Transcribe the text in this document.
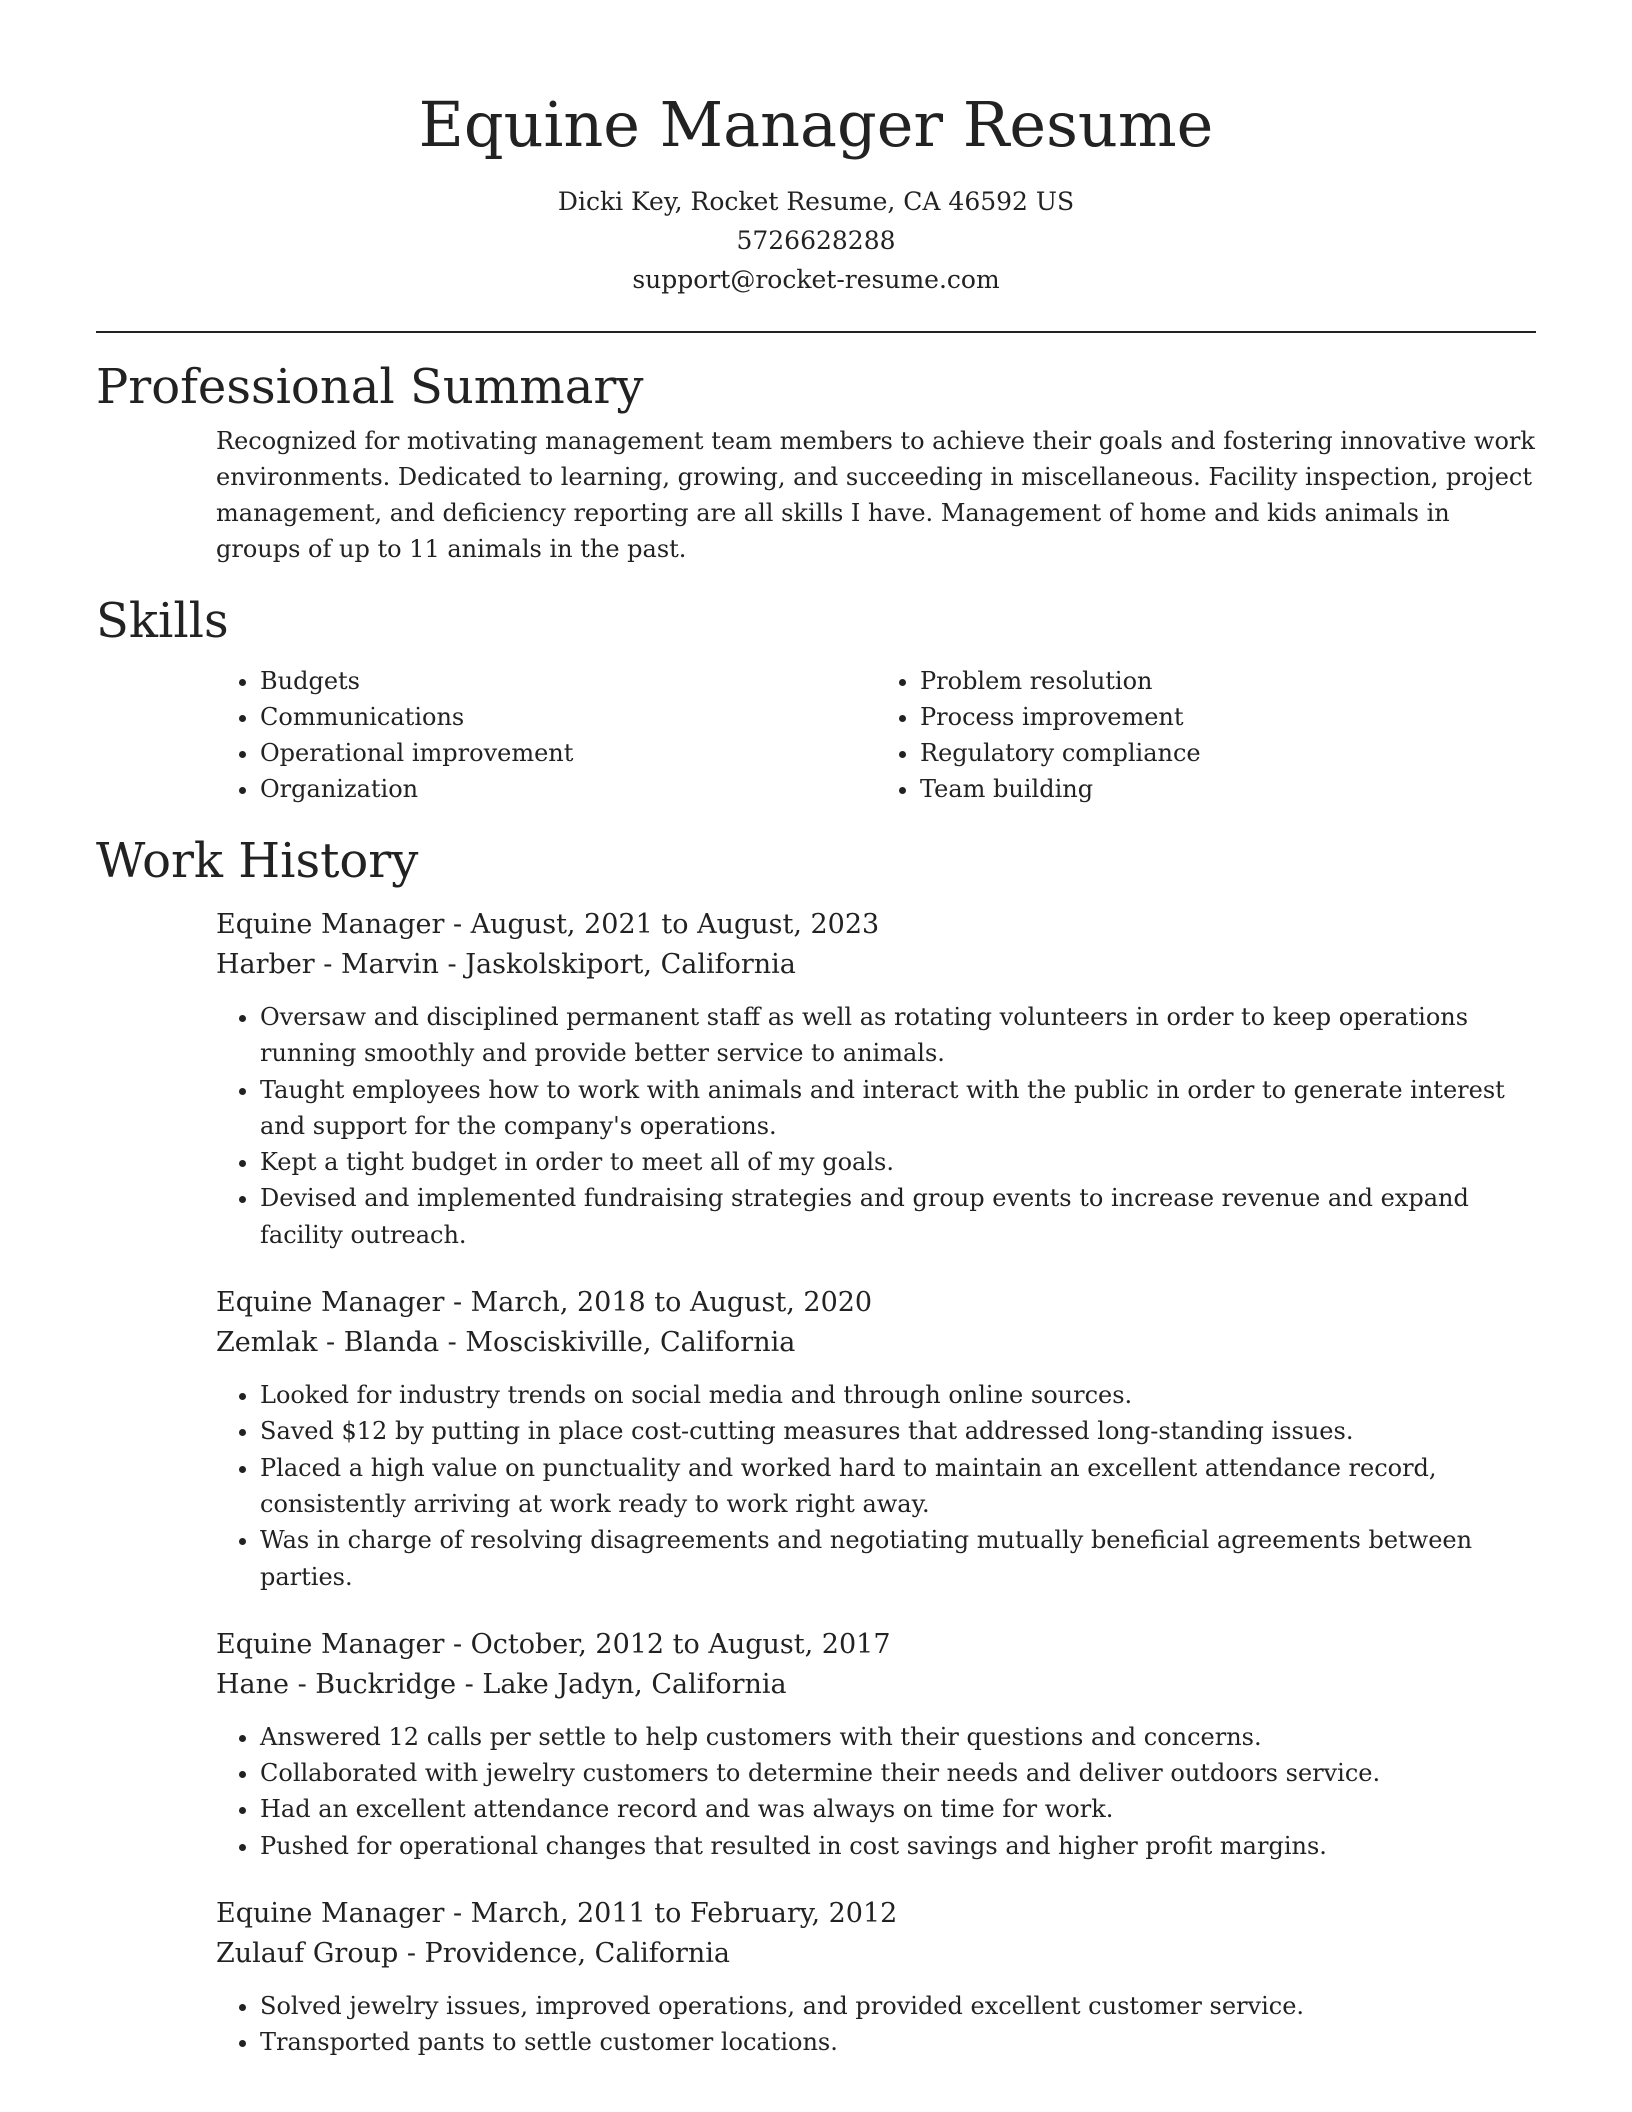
Equine Manager Resume

Dicki Key, Rocket Resume, CA 46592 US

5726628288

support@rocket-resume.com

Professional Summary

Recognized for motivating management team members to achieve their goals and fostering innovative work environments. Dedicated to learning, growing, and succeeding in miscellaneous. Facility inspection, project management, and deficiency reporting are all skills I have. Management of home and kids animals in groups of up to 11 animals in the past.

Skills
• Budgets
• Communications
• Operational improvement
• Organization
• Problem resolution
• Process improvement
• Regulatory compliance
• Team building
Work History

Equine Manager - August, 2021 to August, 2023

Harber - Marvin - Jaskolskiport, California

• Oversaw and disciplined permanent staff as well as rotating volunteers in order to keep operations running smoothly and provide better service to animals.
• Taught employees how to work with animals and interact with the public in order to generate interest and support for the company's operations.
• Kept a tight budget in order to meet all of my goals.
• Devised and implemented fundraising strategies and group events to increase revenue and expand facility outreach.

Equine Manager - March, 2018 to August, 2020

Zemlak - Blanda - Mosciskiville, California

• Looked for industry trends on social media and through online sources.
• Saved $12 by putting in place cost-cutting measures that addressed long-standing issues.
• Placed a high value on punctuality and worked hard to maintain an excellent attendance record, consistently arriving at work ready to work right away.
• Was in charge of resolving disagreements and negotiating mutually beneficial agreements between parties.

Equine Manager - October, 2012 to August, 2017

Hane - Buckridge - Lake Jadyn, California

• Answered 12 calls per settle to help customers with their questions and concerns.
• Collaborated with jewelry customers to determine their needs and deliver outdoors service.
• Had an excellent attendance record and was always on time for work.
• Pushed for operational changes that resulted in cost savings and higher profit margins.

Equine Manager - March, 2011 to February, 2012

Zulauf Group - Providence, California

• Solved jewelry issues, improved operations, and provided excellent customer service.
• Transported pants to settle customer locations.
